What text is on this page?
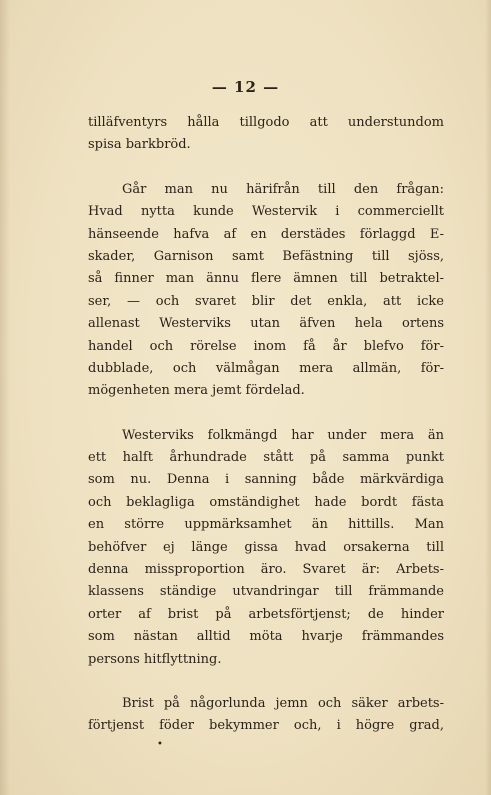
— 12 —
tilläfventyrs hålla tillgodo att understundom
spisa barkbröd.
Går man nu härifrån till den frågan:
Hvad nytta kunde Westervik i commerciellt
hänseende hafva af en derstädes förlaggd E-
skader, Garnison samt Befästning till sjöss,
så finner man ännu flere ämnen till betraktel-
ser, — och svaret blir det enkla, att icke
allenast Westerviks utan äfven hela ortens
handel och rörelse inom få år blefvo för-
dubblade, och välmågan mera allmän, för-
mögenheten mera jemt fördelad.
Westerviks folkmängd har under mera än
ett halft århundrade stått på samma punkt
som nu. Denna i sanning både märkvärdiga
och beklagliga omständighet hade bordt fästa
en större uppmärksamhet än hittills. Man
behöfver ej länge gissa hvad orsakerna till
denna missproportion äro. Svaret är: Arbets-
klassens ständige utvandringar till främmande
orter af brist på arbetsförtjenst; de hinder
som nästan alltid möta hvarje främmandes
persons hitflyttning.
Brist på någorlunda jemn och säker arbets-
förtjenst föder bekymmer och, i högre grad,
•
